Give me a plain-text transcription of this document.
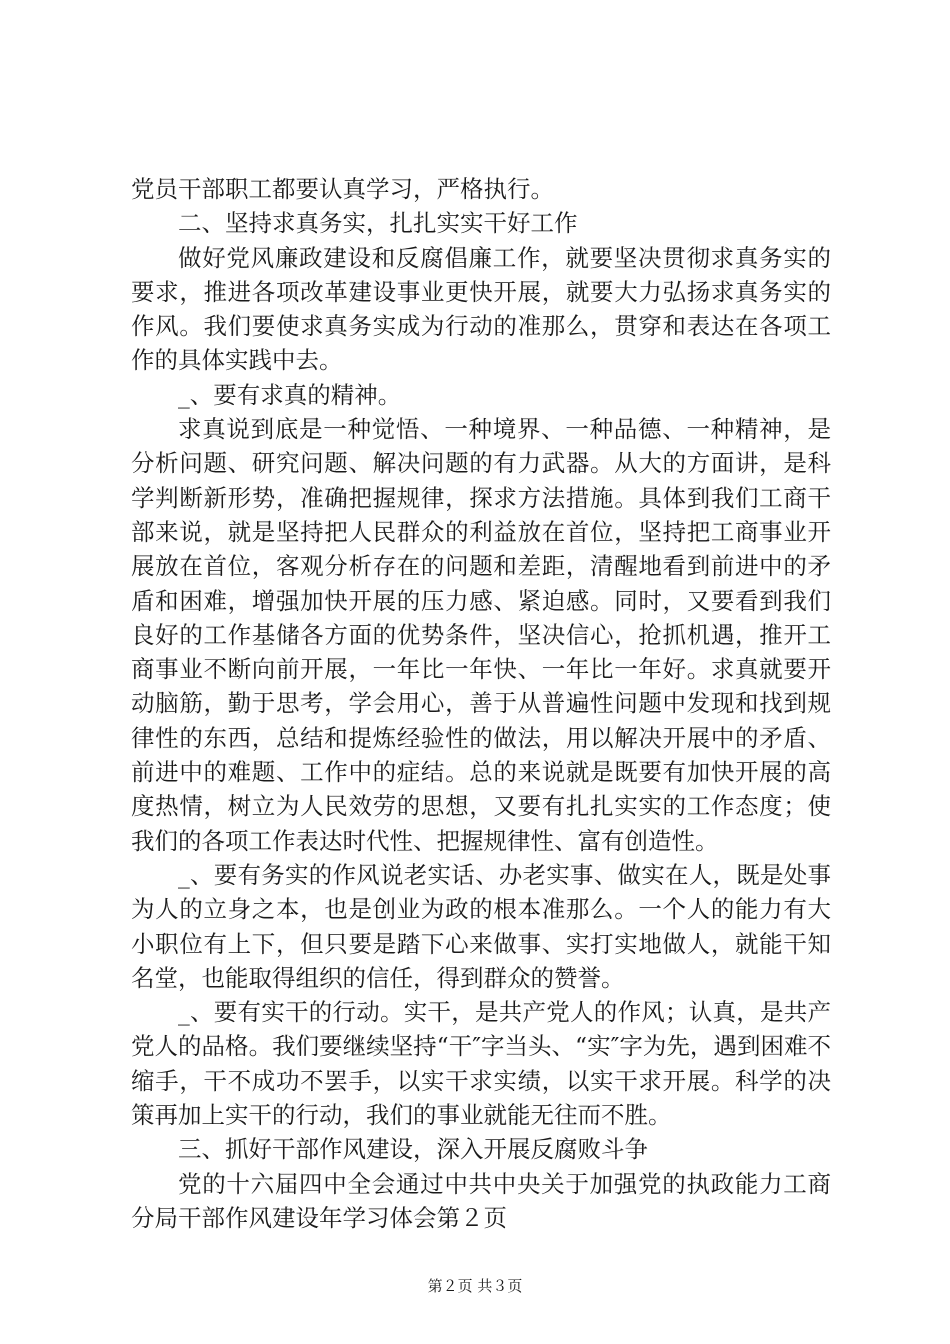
党员干部职工都要认真学习，严格执行。

二、坚持求真务实，扎扎实实干好工作

做好党风廉政建设和反腐倡廉工作，就要坚决贯彻求真务实的要求，推进各项改革建设事业更快开展，就要大力弘扬求真务实的作风。我们要使求真务实成为行动的准那么，贯穿和表达在各项工作的具体实践中去。

_、要有求真的精神。

求真说到底是一种觉悟、一种境界、一种品德、一种精神，是分析问题、研究问题、解决问题的有力武器。从大的方面讲，是科学判断新形势，准确把握规律，探求方法措施。具体到我们工商干部来说，就是坚持把人民群众的利益放在首位，坚持把工商事业开展放在首位，客观分析存在的问题和差距，清醒地看到前进中的矛盾和困难，增强加快开展的压力感、紧迫感。同时，又要看到我们良好的工作基储各方面的优势条件，坚决信心，抢抓机遇，推开工商事业不断向前开展，一年比一年快、一年比一年好。求真就要开动脑筋，勤于思考，学会用心，善于从普遍性问题中发现和找到规律性的东西，总结和提炼经验性的做法，用以解决开展中的矛盾、前进中的难题、工作中的症结。总的来说就是既要有加快开展的高度热情，树立为人民效劳的思想，又要有扎扎实实的工作态度；使我们的各项工作表达时代性、把握规律性、富有创造性。

_、要有务实的作风说老实话、办老实事、做实在人，既是处事为人的立身之本，也是创业为政的根本准那么。一个人的能力有大小职位有上下，但只要是踏下心来做事、实打实地做人，就能干知名堂，也能取得组织的信任，得到群众的赞誉。

_、要有实干的行动。实干，是共产党人的作风；认真，是共产党人的品格。我们要继续坚持“干″字当头、“实″字为先，遇到困难不缩手，干不成功不罢手，以实干求实绩，以实干求开展。科学的决策再加上实干的行动，我们的事业就能无往而不胜。

三、抓好干部作风建设，深入开展反腐败斗争

党的十六届四中全会通过中共中央关于加强党的执政能力工商分局干部作风建设年学习体会第２页

第２页 共３页
